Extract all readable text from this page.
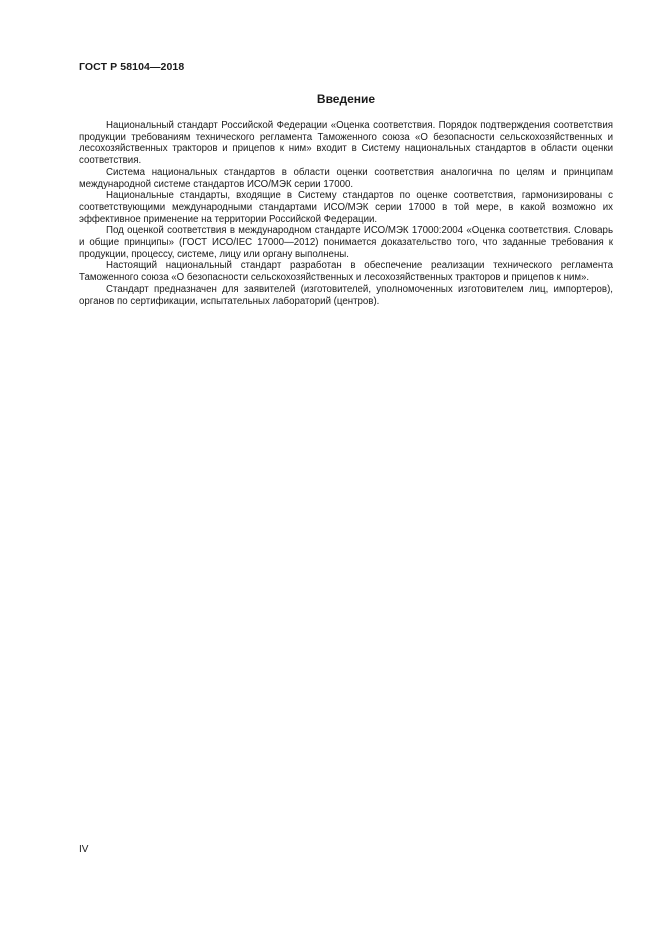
ГОСТ Р 58104—2018
Введение

Национальный стандарт Российской Федерации «Оценка соответствия. Порядок подтверждения соответствия продукции требованиям технического регламента Таможенного союза «О безопасности сельскохозяйственных и лесохозяйственных тракторов и прицепов к ним» входит в Систему национальных стандартов в области оценки соответствия.

Система национальных стандартов в области оценки соответствия аналогична по целям и принципам международной системе стандартов ИСО/МЭК серии 17000.

Национальные стандарты, входящие в Систему стандартов по оценке соответствия, гармонизированы с соответствующими международными стандартами ИСО/МЭК серии 17000 в той мере, в какой возможно их эффективное применение на территории Российской Федерации.

Под оценкой соответствия в международном стандарте ИСО/МЭК 17000:2004 «Оценка соответствия. Словарь и общие принципы» (ГОСТ ИСО/IEC 17000—2012) понимается доказательство того, что заданные требования к продукции, процессу, системе, лицу или органу выполнены.

Настоящий национальный стандарт разработан в обеспечение реализации технического регламента Таможенного союза «О безопасности сельскохозяйственных и лесохозяйственных тракторов и прицепов к ним».

Стандарт предназначен для заявителей (изготовителей, уполномоченных изготовителем лиц, импортеров), органов по сертификации, испытательных лабораторий (центров).

IV
